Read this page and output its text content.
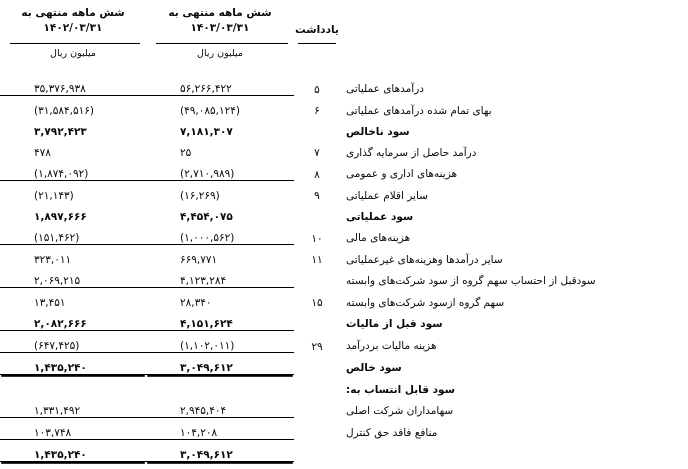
	یادداشت	
شش ماهه منتهی به
۱۴۰۳/۰۳/۳۱

شش ماهه منتهی به
۱۴۰۲/۰۳/۳۱

		میلیون ریال	میلیون ریال

درآمدهای عملیاتی	۵	۵۶,۲۶۶,۴۲۲	۳۵,۳۷۶,۹۳۸
بهای تمام شده درآمدهای عملیاتی	۶	(۴۹,۰۸۵,۱۲۴)	(۳۱,۵۸۴,۵۱۶)
سود ناخالص		۷,۱۸۱,۳۰۷	۳,۷۹۲,۴۲۳
درآمد حاصل از سرمایه گذاری	۷	۲۵	۴۷۸
هزینه‌های اداری و عمومی	۸	(۲,۷۱۰,۹۸۹)	(۱,۸۷۴,۰۹۲)
سایر اقلام عملیاتی	۹	(۱۶,۲۶۹)	(۲۱,۱۴۳)
سود عملیاتی		۴,۴۵۴,۰۷۵	۱,۸۹۷,۶۶۶
هزینه‌های مالی	۱۰	(۱,۰۰۰,۵۶۲)	(۱۵۱,۴۶۲)
سایر درآمدها وهزینه‌های غیرعملیاتی	۱۱	۶۶۹,۷۷۱	۳۲۳,۰۱۱
سودقبل از احتساب سهم گروه از سود شرکت‌های وابسته		۴,۱۲۳,۲۸۴	۲,۰۶۹,۲۱۵
سهم گروه ازسود شرکت‌های وابسته	۱۵	۲۸,۳۴۰	۱۳,۴۵۱
سود قبل از مالیات		۴,۱۵۱,۶۲۴	۲,۰۸۲,۶۶۶
هزینه مالیات بردرآمد	۲۹	(۱,۱۰۲,۰۱۱)	(۶۴۷,۴۲۵)
سود خالص		۳,۰۴۹,۶۱۲	۱,۴۳۵,۲۴۰
سود قابل انتساب به:			
سهامداران شرکت اصلی		۲,۹۴۵,۴۰۴	۱,۳۳۱,۴۹۲
منافع فاقد حق کنترل		۱۰۴,۲۰۸	۱۰۳,۷۴۸
		۳,۰۴۹,۶۱۲	۱,۴۳۵,۲۴۰
